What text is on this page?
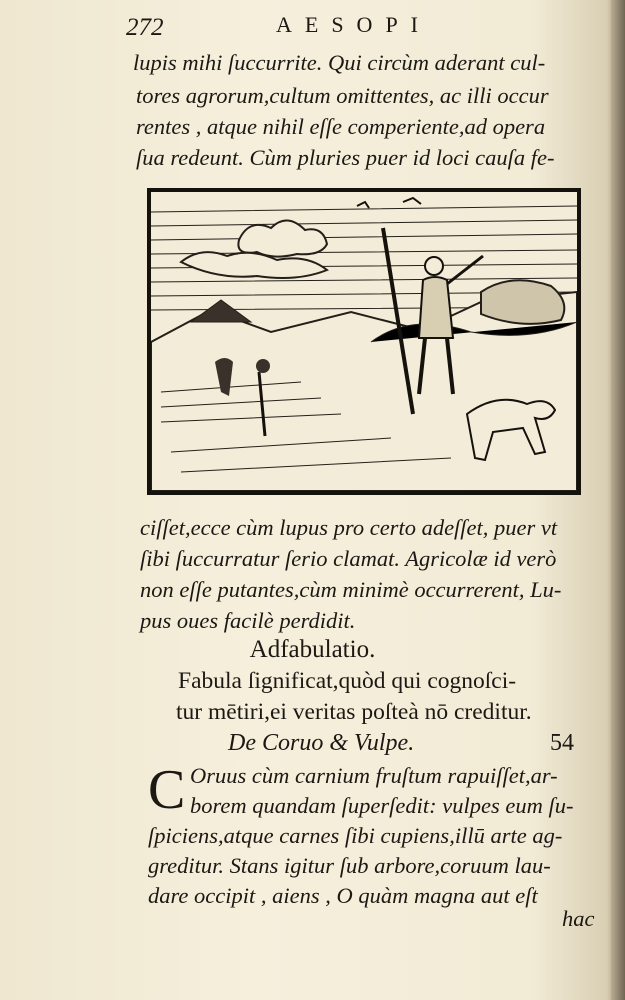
272	AESOPI
lupis mihi ſuccurrite. Qui circùm aderant cul-
tores agrorum,cultum omittentes, ac illi occur
rentes , atque nihil eſſe comperiente,ad opera
ſua redeunt. Cùm pluries puer id loci cauſa fe-
ciſſet,ecce cùm lupus pro certo adeſſet, puer vt
ſibi ſuccurratur ſerio clamat. Agricolæ id verò
non eſſe putantes,cùm minimè occurrerent, Lu-
pus oues facilè perdidit.
Adfabulatio.
Fabula ſignificat,quòd qui cognoſci-
tur mētiri,ei veritas poſteà nō creditur.
De Coruo & Vulpe.	54
C Oruus cùm carnium fruſtum rapuiſſet,ar-
borem quandam ſuperſedit: vulpes eum ſu-
ſpiciens,atque carnes ſibi cupiens,illū arte ag-
greditur. Stans igitur ſub arbore,coruum lau-
dare occipit , aiens , O quàm magna aut eſt
hac
